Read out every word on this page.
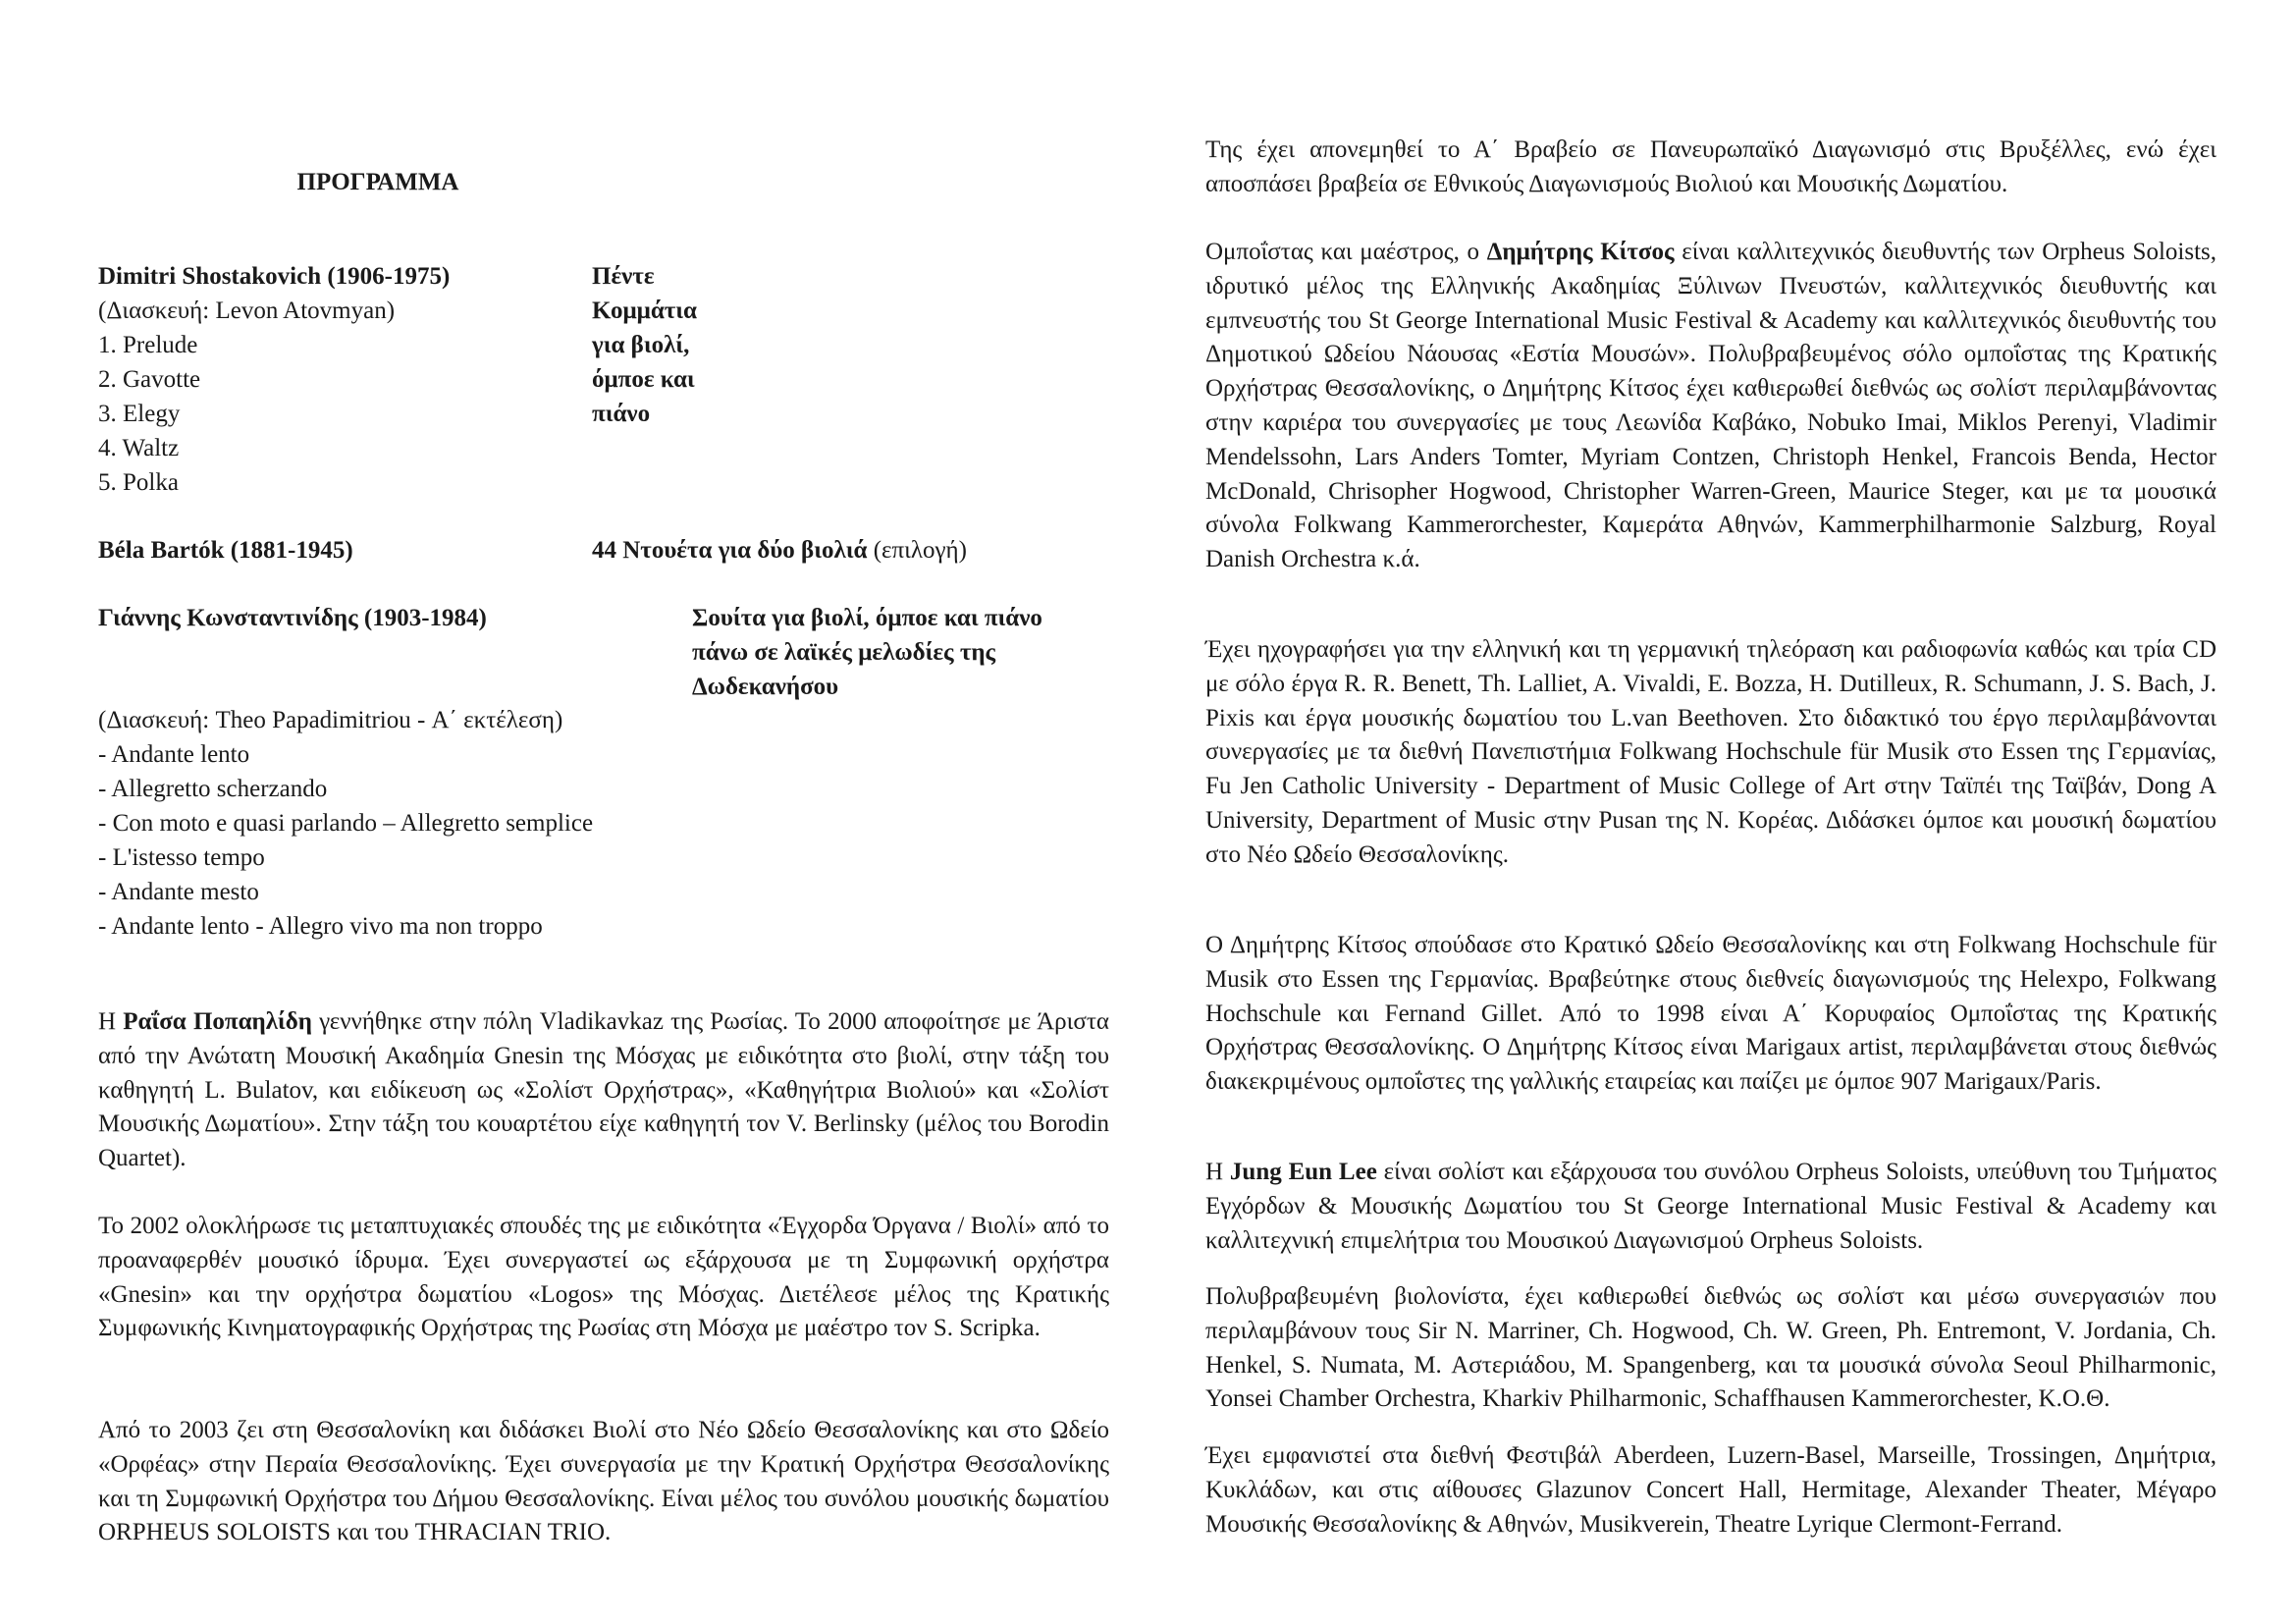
ΠΡΟΓΡΑΜΜΑ
Dimitri Shostakovich (1906-1975)	Πέντε Κομμάτια για βιολί, όμποε και πιάνο
(Διασκευή: Levon Atovmyan)
1. Prelude
2. Gavotte
3. Elegy
4. Waltz
5. Polka
Béla Bartók (1881-1945)	44 Ντουέτα για δύο βιολιά (επιλογή)
Γιάννης Κωνσταντινίδης (1903-1984)	Σουίτα για βιολί, όμποε και πιάνο
πάνω σε λαϊκές μελωδίες της
Δωδεκανήσου
(Διασκευή: Theo Papadimitriou - Α΄ εκτέλεση)
- Andante lento
- Allegretto scherzando
- Con moto e quasi parlando – Allegretto semplice
- L'istesso tempo
- Andante mesto
- Andante lento - Allegro vivo ma non troppo

Η Ραΐσα Ποπαηλίδη γεννήθηκε στην πόλη Vladikavkaz της Ρωσίας. Το 2000 αποφοίτησε με Άριστα από την Ανώτατη Μουσική Ακαδημία Gnesin της Μόσχας με ειδικότητα στο βιολί, στην τάξη του καθηγητή L. Bulatov, και ειδίκευση ως «Σολίστ Ορχήστρας», «Καθηγήτρια Βιολιού» και «Σολίστ Μουσικής Δωματίου». Στην τάξη του κουαρτέτου είχε καθηγητή τον V. Berlinsky (μέλος του Borodin Quartet).

Το 2002 ολοκλήρωσε τις μεταπτυχιακές σπουδές της με ειδικότητα «Έγχορδα Όργανα / Βιολί» από το προαναφερθέν μουσικό ίδρυμα. Έχει συνεργαστεί ως εξάρχουσα με τη Συμφωνική ορχήστρα «Gnesin» και την ορχήστρα δωματίου «Logos» της Μόσχας. Διετέλεσε μέλος της Κρατικής Συμφωνικής Κινηματογραφικής Ορχήστρας της Ρωσίας στη Μόσχα με μαέστρο τον S. Scripka.

Από το 2003 ζει στη Θεσσαλονίκη και διδάσκει Βιολί στο Νέο Ωδείο Θεσσαλονίκης και στο Ωδείο «Ορφέας» στην Περαία Θεσσαλονίκης. Έχει συνεργασία με την Κρατική Ορχήστρα Θεσσαλονίκης και τη Συμφωνική Ορχήστρα του Δήμου Θεσσαλονίκης. Είναι μέλος του συνόλου μουσικής δωματίου ORPHEUS SOLOISTS και του THRACIAN TRIO.

Της έχει απονεμηθεί το Α΄ Βραβείο σε Πανευρωπαϊκό Διαγωνισμό στις Βρυξέλλες, ενώ έχει αποσπάσει βραβεία σε Εθνικούς Διαγωνισμούς Βιολιού και Μουσικής Δωματίου.

Ομποΐστας και μαέστρος, ο Δημήτρης Κίτσος είναι καλλιτεχνικός διευθυντής των Orpheus Soloists, ιδρυτικό μέλος της Ελληνικής Ακαδημίας Ξύλινων Πνευστών, καλλιτεχνικός διευθυντής και εμπνευστής του St George International Music Festival & Academy και καλλιτεχνικός διευθυντής του Δημοτικού Ωδείου Νάουσας «Εστία Μουσών». Πολυβραβευμένος σόλο ομποΐστας της Κρατικής Ορχήστρας Θεσσαλονίκης, ο Δημήτρης Κίτσος έχει καθιερωθεί διεθνώς ως σολίστ περιλαμβάνοντας στην καριέρα του συνεργασίες με τους Λεωνίδα Καβάκο, Nobuko Imai, Miklos Perenyi, Vladimir Mendelssohn, Lars Anders Tomter, Myriam Contzen, Christoph Henkel, Francois Benda, Hector McDonald, Chrisopher Hogwood, Christopher Warren-Green, Maurice Steger, και με τα μουσικά σύνολα Folkwang Kammerorchester, Καμεράτα Αθηνών, Kammerphilharmonie Salzburg, Royal Danish Orchestra κ.ά.

Έχει ηχογραφήσει για την ελληνική και τη γερμανική τηλεόραση και ραδιοφωνία καθώς και τρία CD με σόλο έργα R. R. Benett, Th. Lalliet, A. Vivaldi, E. Bozza, H. Dutilleux, R. Schumann, J. S. Bach, J. Pixis και έργα μουσικής δωματίου του L.van Beethoven. Στο διδακτικό του έργο περιλαμβάνονται συνεργασίες με τα διεθνή Πανεπιστήμια Folkwang Hochschule für Musik στο Essen της Γερμανίας, Fu Jen Catholic University - Department of Music College of Art στην Ταϊπέι της Ταϊβάν, Dong A University, Department of Music στην Pusan της Ν. Κορέας. Διδάσκει όμποε και μουσική δωματίου στο Νέο Ωδείο Θεσσαλονίκης.

Ο Δημήτρης Κίτσος σπούδασε στο Κρατικό Ωδείο Θεσσαλονίκης και στη Folkwang Hochschule für Musik στο Essen της Γερμανίας. Βραβεύτηκε στους διεθνείς διαγωνισμούς της Helexpo, Folkwang Hochschule και Fernand Gillet. Από το 1998 είναι Α΄ Κορυφαίος Ομποΐστας της Κρατικής Ορχήστρας Θεσσαλονίκης. Ο Δημήτρης Κίτσος είναι Marigaux artist, περιλαμβάνεται στους διεθνώς διακεκριμένους ομποΐστες της γαλλικής εταιρείας και παίζει με όμποε 907 Marigaux/Paris.

Η Jung Eun Lee είναι σολίστ και εξάρχουσα του συνόλου Orpheus Soloists, υπεύθυνη του Τμήματος Εγχόρδων & Μουσικής Δωματίου του St George International Music Festival & Academy και καλλιτεχνική επιμελήτρια του Μουσικού Διαγωνισμού Orpheus Soloists.

Πολυβραβευμένη βιολονίστα, έχει καθιερωθεί διεθνώς ως σολίστ και μέσω συνεργασιών που περιλαμβάνουν τους Sir N. Marriner, Ch. Hogwood, Ch. W. Green, Ph. Entremont, V. Jordania, Ch. Henkel, S. Numata, M. Αστεριάδου, M. Spangenberg, και τα μουσικά σύνολα Seoul Philharmonic, Yonsei Chamber Orchestra, Kharkiv Philharmonic, Schaffhausen Kammerorchester, Κ.Ο.Θ.

Έχει εμφανιστεί στα διεθνή Φεστιβάλ Aberdeen, Luzern-Basel, Marseille, Trossingen, Δημήτρια, Κυκλάδων, και στις αίθουσες Glazunov Concert Hall, Hermitage, Alexander Theater, Μέγαρο Μουσικής Θεσσαλονίκης & Αθηνών, Musikverein, Theatre Lyrique Clermont-Ferrand.
